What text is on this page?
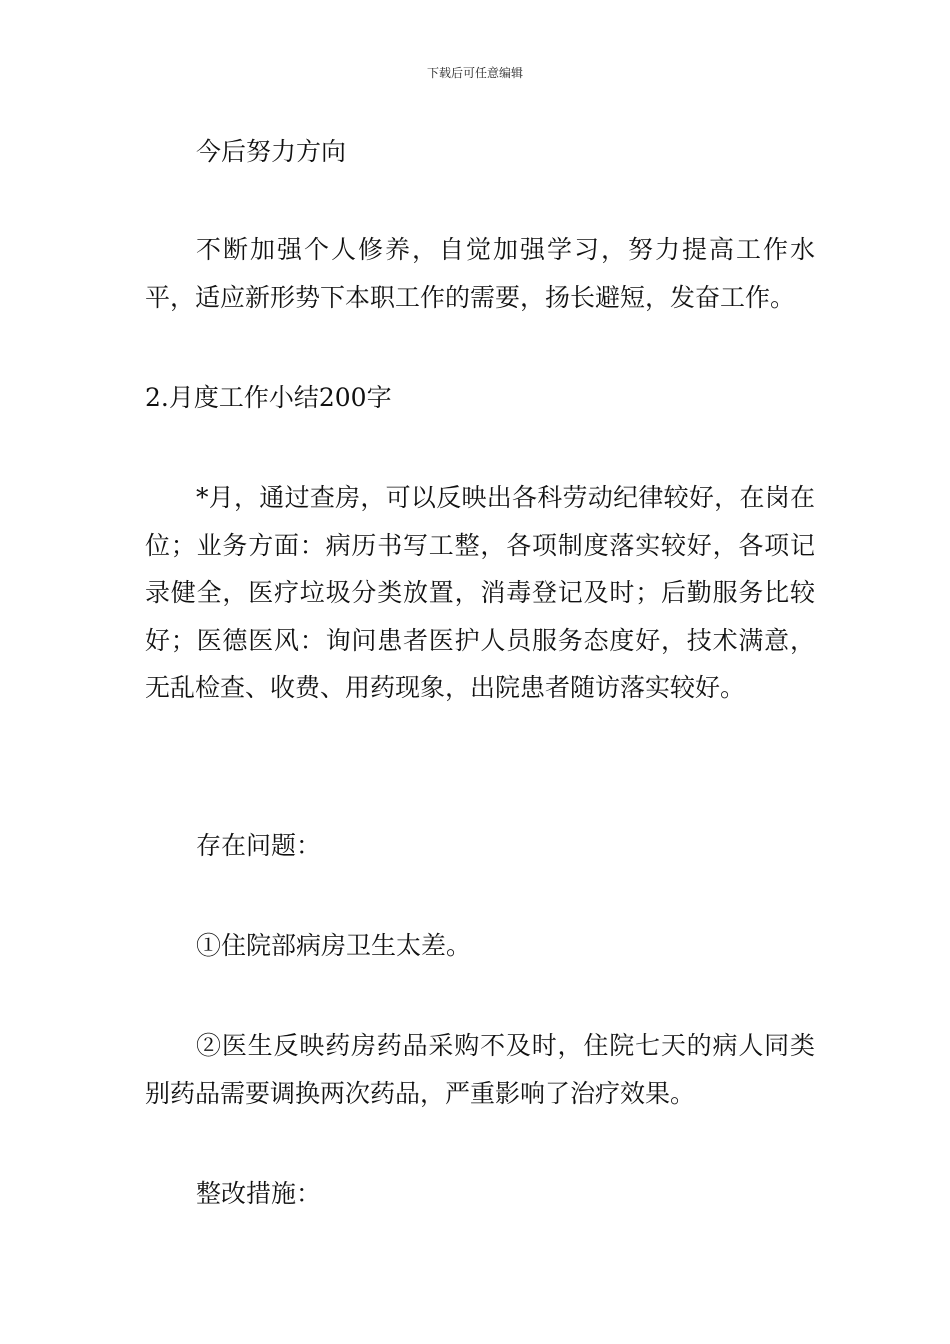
下载后可任意编辑

今后努力方向

不断加强个人修养，自觉加强学习，努力提高工作水平，适应新形势下本职工作的需要，扬长避短，发奋工作。

2.月度工作小结200字

*月，通过查房，可以反映出各科劳动纪律较好，在岗在位；业务方面：病历书写工整，各项制度落实较好，各项记录健全，医疗垃圾分类放置，消毒登记及时；后勤服务比较好；医德医风：询问患者医护人员服务态度好，技术满意，无乱检查、收费、用药现象，出院患者随访落实较好。

存在问题：

①住院部病房卫生太差。

②医生反映药房药品采购不及时，住院七天的病人同类别药品需要调换两次药品，严重影响了治疗效果。

整改措施：
